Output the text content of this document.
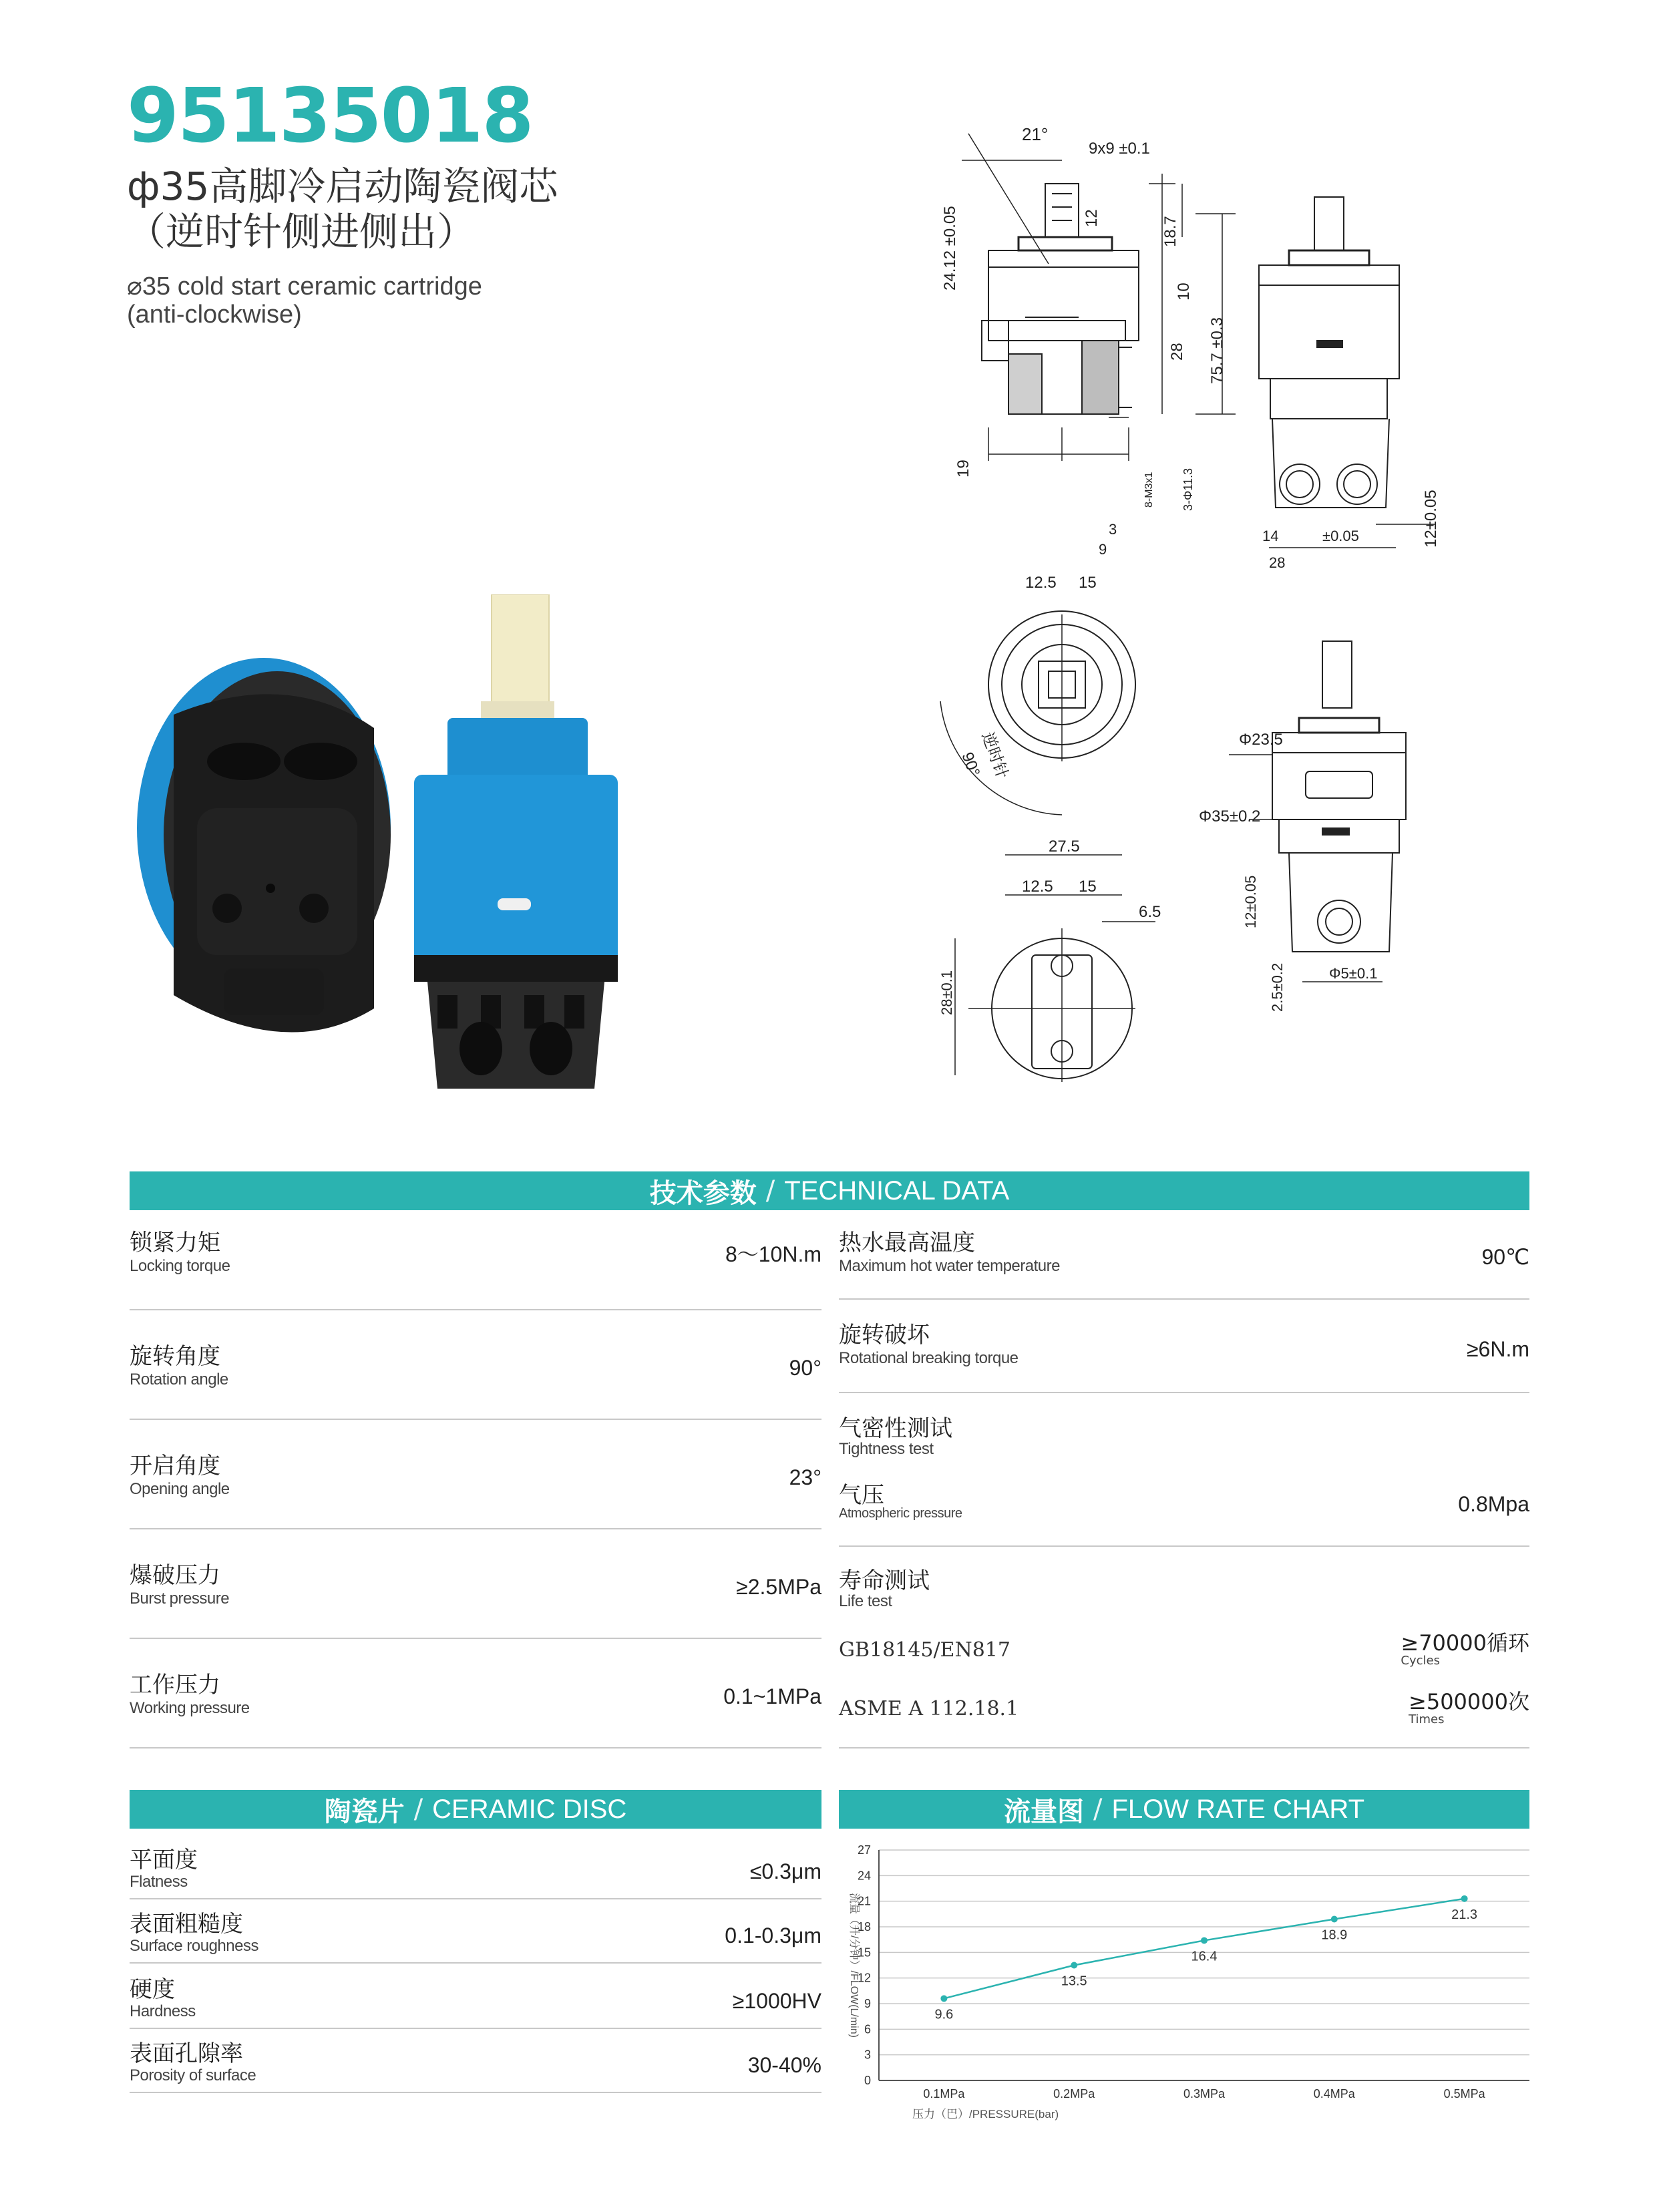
95135018
ф35高脚冷启动陶瓷阀芯
（逆时针侧进侧出）
⌀35 cold start ceramic cartridge
(anti-clockwise)
21°
9x9 ±0.1
24.12 ±0.05	12	18.7
10
28 75.7 ±0.3
19	3-Φ11.3
8-M3x1
3
9
12.5 15
14	±0.05	12±0.05
28
逆时针
90°
27.5
12.5 15
6.5
28±0.1
Φ23.5
Φ35±0.2
12±0.05
2.5±0.2	Φ5±0.1
技术参数 / TECHNICAL DATA
锁紧力矩
Locking torque	8～10N.m
旋转角度
Rotation angle	90°
开启角度
Opening angle	23°
爆破压力
Burst pressure	≥2.5MPa
工作压力
Working pressure	0.1~1MPa
热水最高温度
Maximum hot water temperature	90℃
旋转破坏
Rotational breaking torque	≥6N.m
气密性测试
Tightness test
气压
Atmospheric pressure	0.8Mpa
寿命测试
Life test
GB18145/EN817	≥70000循环
Cycles
ASME A 112.18.1	≥500000次
Times
陶瓷片 / CERAMIC DISC
平面度
Flatness	≤0.3μm
表面粗糙度
Surface roughness	0.1-0.3μm
硬度
Hardness	≥1000HV
表面孔隙率
Porosity of surface	30-40%
流量图 / FLOW RATE CHART
0
3
6
9
12
15
18
21
24
27
0.1MPa	0.2MPa	0.3MPa	0.4MPa	0.5MPa
9.6
13.5
16.4
18.9
21.3
流量（升/分钟）/FLOW(L/min)
压力（巴）/PRESSURE(bar)
